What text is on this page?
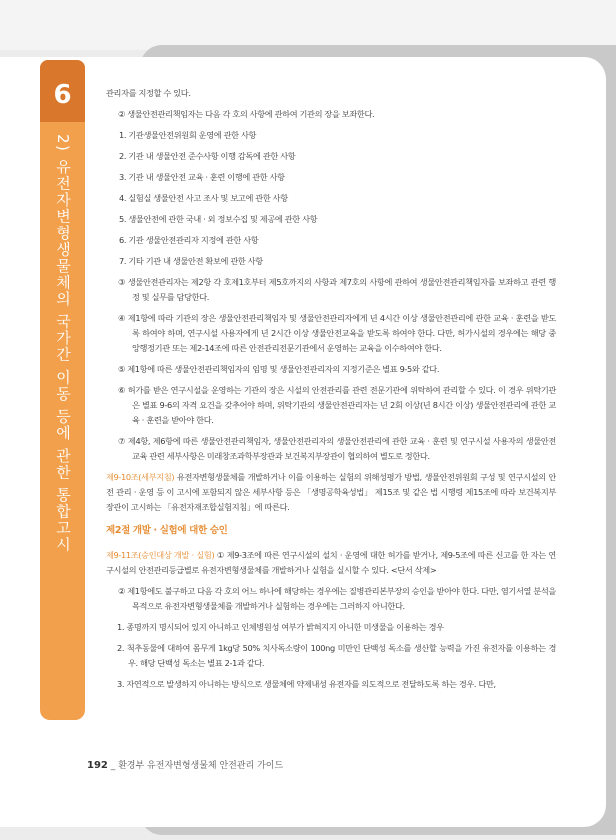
6
2) 유전자변형생물체의 국가간 이동 등에 관한 통합고시
관리자를 지정할 수 있다.
② 생물안전관리책임자는 다음 각 호의 사항에 관하여 기관의 장을 보좌한다.
1. 기관생물안전위원회 운영에 관한 사항
2. 기관 내 생물안전 준수사항 이행 감독에 관한 사항
3. 기관 내 생물안전 교육 · 훈련 이행에 관한 사항
4. 실험실 생물안전 사고 조사 및 보고에 관한 사항
5. 생물안전에 관한 국내 · 외 정보수집 및 제공에 관한 사항
6. 기관 생물안전관리자 지정에 관한 사항
7. 기타 기관 내 생물안전 확보에 관한 사항
③ 생물안전관리자는 제2항 각 호제1호부터 제5호까지의 사항과 제7호의 사항에 관하여 생물안전관리책임자를 보좌하고 관련 행정 및 실무를 담당한다.
④ 제1항에 따라 기관의 장은 생물안전관리책임자 및 생물안전관리자에게 년 4시간 이상 생물안전관리에 관한 교육 · 훈련을 받도록 하여야 하며, 연구시설 사용자에게 년 2시간 이상 생물안전교육을 받도록 하여야 한다. 다만, 허가시설의 경우에는 해당 중앙행정기관 또는 제2-14조에 따른 안전관리전문기관에서 운영하는 교육을 이수하여야 한다.
⑤ 제1항에 따른 생물안전관리책임자의 임명 및 생물안전관리자의 지정기준은 별표 9-5와 같다.
⑥ 허가를 받은 연구시설을 운영하는 기관의 장은 시설의 안전관리를 관련 전문기관에 위탁하여 관리할 수 있다. 이 경우 위탁기관은 별표 9-6의 자격 요건을 갖추어야 하며, 위탁기관의 생물안전관리자는 년 2회 이상(년 8시간 이상) 생물안전관리에 관한 교육 · 훈련을 받아야 한다.
⑦ 제4항, 제6항에 따른 생물안전관리책임자, 생물안전관리자의 생물안전관리에 관한 교육 · 훈련 및 연구시설 사용자의 생물안전교육 관련 세부사항은 미래창조과학부장관과 보건복지부장관이 협의하여 별도로 정한다.
제9-10조(세부지침) 유전자변형생물체를 개발하거나 이를 이용하는 실험의 위해성평가 방법, 생물안전위원회 구성 및 연구시설의 안전 관리 · 운영 등 이 고시에 포함되지 않은 세부사항 등은 「생명공학육성법」 제15조 및 같은 법 시행령 제15조에 따라 보건복지부장관이 고시하는 「유전자재조합실험지침」에 따른다.
제2절 개발 · 실험에 대한 승인
제9-11조(승인대상 개발 · 실험) ① 제9-3조에 따른 연구시설의 설치 · 운영에 대한 허가를 받거나, 제9-5조에 따른 신고를 한 자는 연구시설의 안전관리등급별로 유전자변형생물체를 개발하거나 실험을 실시할 수 있다. <단서 삭제>
② 제1항에도 불구하고 다음 각 호의 어느 하나에 해당하는 경우에는 질병관리본부장의 승인을 받아야 한다. 다만, 염기서열 분석을 목적으로 유전자변형생물체를 개발하거나 실험하는 경우에는 그러하지 아니한다.
1. 종명까지 명시되어 있지 아니하고 인체병원성 여부가 밝혀지지 아니한 미생물을 이용하는 경우
2. 척추동물에 대하여 몸무게 1kg당 50% 치사독소량이 100ng 미만인 단백성 독소를 생산할 능력을 가진 유전자를 이용하는 경우. 해당 단백성 독소는 별표 2-1과 같다.
3. 자연적으로 발생하지 아니하는 방식으로 생물체에 약제내성 유전자를 의도적으로 전달하도록 하는 경우. 다만,
192 _ 환경부 유전자변형생물체 안전관리 가이드
